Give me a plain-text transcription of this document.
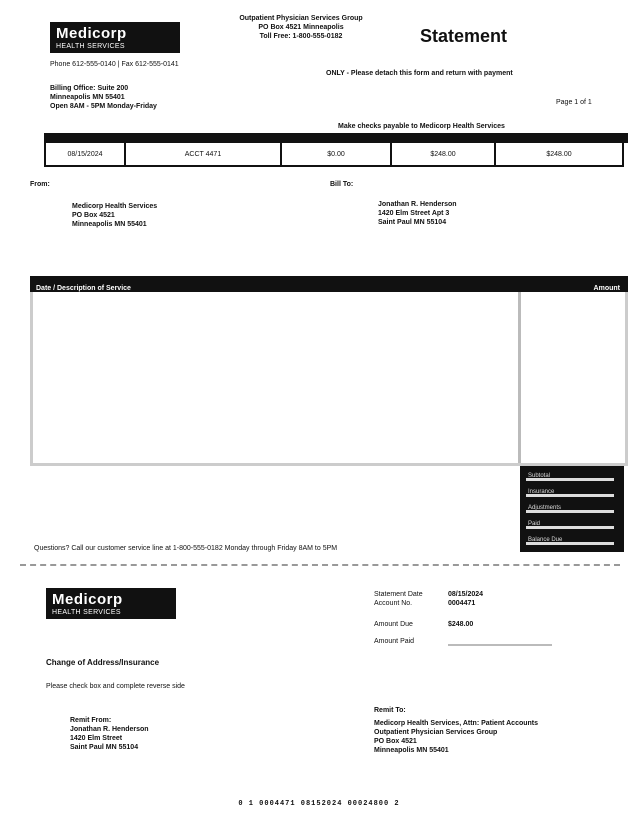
Medicorp
HEALTH SERVICES
Outpatient Physician Services Group
PO Box 4521 Minneapolis
Toll Free: 1-800-555-0182	Statement
Phone 612-555-0140 | Fax 612-555-0141
ONLY - Please detach this form and return with payment
Billing Office: Suite 200
Minneapolis MN 55401
Open 8AM - 5PM Monday-Friday
Page 1 of 1
Make checks payable to Medicorp Health Services
08/15/2024	ACCT 4471	$0.00	$248.00	$248.00
From:
Medicorp Health Services
PO Box 4521
Minneapolis MN 55401
Bill To:
Jonathan R. Henderson
1420 Elm Street Apt 3
Saint Paul MN 55104
Date / Description of Service	Amount
Subtotal
Insurance
Adjustments
Paid
Balance Due
Questions? Call our customer service line at 1-800-555-0182 Monday through Friday 8AM to 5PM
Medicorp
HEALTH SERVICES
Statement Date	08/15/2024
Account No.	0004471
Amount Due	$248.00
Amount Paid

Change of Address/Insurance
Please check box and complete reverse side
Remit From:
Jonathan R. Henderson
1420 Elm Street
Saint Paul MN 55104
Remit To:
Medicorp Health Services, Attn: Patient Accounts
Outpatient Physician Services Group
PO Box 4521
Minneapolis MN 55401
0 1 0004471 08152024 00024800 2
